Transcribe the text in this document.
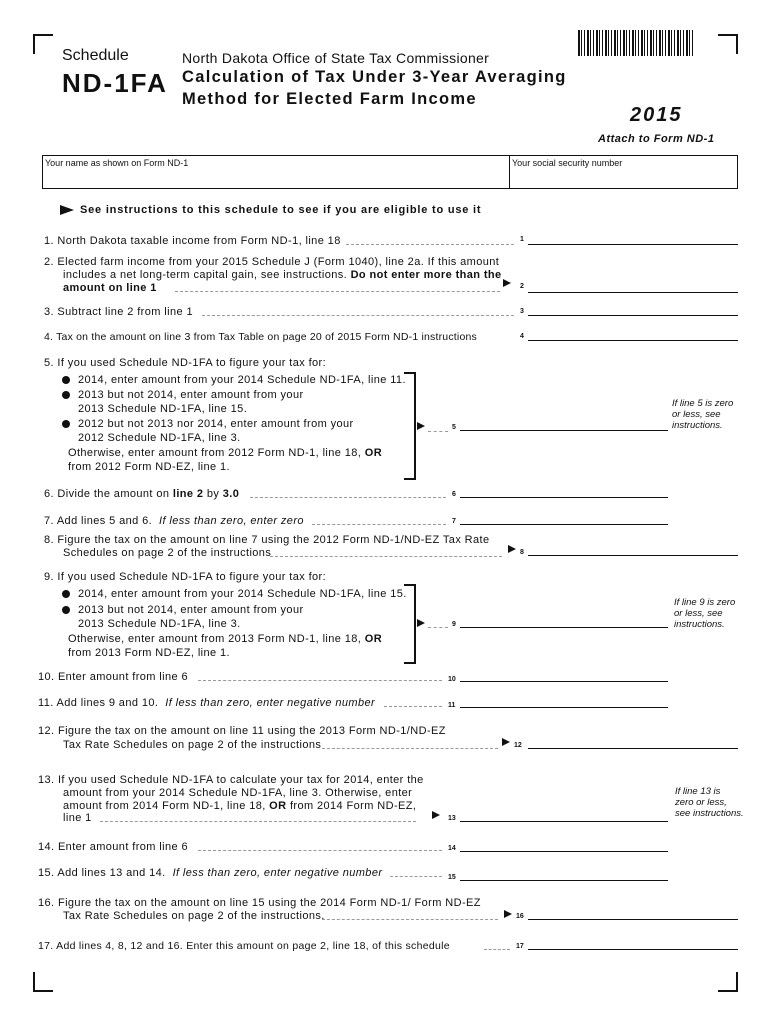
Schedule
ND-1FA
North Dakota Office of State Tax Commissioner
Calculation of Tax Under 3-Year Averaging
Method for Elected Farm Income
2015
Attach to Form ND-1
Your name as shown on Form ND-1	Your social security number
See instructions to this schedule to see if you are eligible to use it
1. North Dakota taxable income from Form ND-1, line 18	1
2. Elected farm income from your 2015 Schedule J (Form 1040), line 2a. If this amount
includes a net long-term capital gain, see instructions. Do not enter more than the
amount on line 1	2
3. Subtract line 2 from line 1	3
4. Tax on the amount on line 3 from Tax Table on page 20 of 2015 Form ND-1 instructions	4
5. If you used Schedule ND-1FA to figure your tax for:
2014, enter amount from your 2014 Schedule ND-1FA, line 11.
2013 but not 2014, enter amount from your
2013 Schedule ND-1FA, line 15.
2012 but not 2013 nor 2014, enter amount from your
2012 Schedule ND-1FA, line 3.
Otherwise, enter amount from 2012 Form ND-1, line 18, OR
from 2012 Form ND-EZ, line 1.
5
If line 5 is zero
or less, see
instructions.
6. Divide the amount on line 2 by 3.0	6
7. Add lines 5 and 6. If less than zero, enter zero	7
8. Figure the tax on the amount on line 7 using the 2012 Form ND-1/ND-EZ Tax Rate
Schedules on page 2 of the instructions	8
9. If you used Schedule ND-1FA to figure your tax for:
2014, enter amount from your 2014 Schedule ND-1FA, line 15.
2013 but not 2014, enter amount from your
2013 Schedule ND-1FA, line 3.
Otherwise, enter amount from 2013 Form ND-1, line 18, OR
from 2013 Form ND-EZ, line 1.
9
If line 9 is zero
or less, see
instructions.
10. Enter amount from line 6	10
11. Add lines 9 and 10. If less than zero, enter negative number	11
12. Figure the tax on the amount on line 11 using the 2013 Form ND-1/ND-EZ
Tax Rate Schedules on page 2 of the instructions	12
13. If you used Schedule ND-1FA to calculate your tax for 2014, enter the
amount from your 2014 Schedule ND-1FA, line 3. Otherwise, enter
amount from 2014 Form ND-1, line 18, OR from 2014 Form ND-EZ,
line 1	13
If line 13 is
zero or less,
see instructions.
14. Enter amount from line 6	14
15. Add lines 13 and 14. If less than zero, enter negative number	15
16. Figure the tax on the amount on line 15 using the 2014 Form ND-1/ Form ND-EZ
Tax Rate Schedules on page 2 of the instructions.	16
17. Add lines 4, 8, 12 and 16. Enter this amount on page 2, line 18, of this schedule	17
